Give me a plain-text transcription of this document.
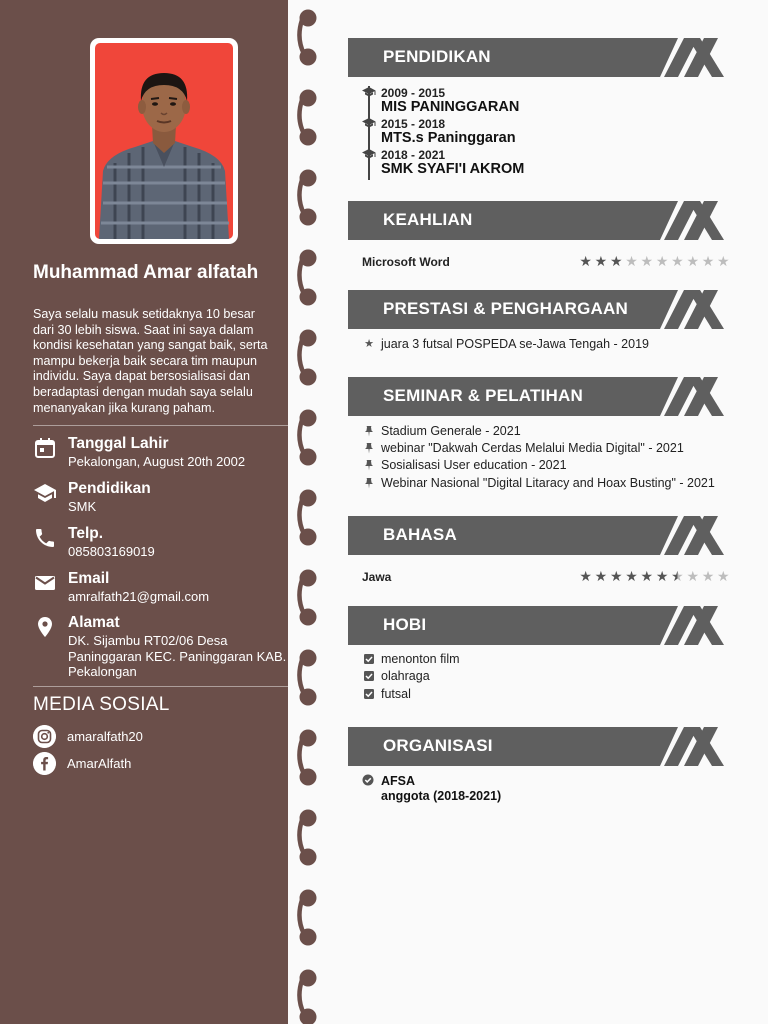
Muhammad Amar alfatah
Saya selalu masuk setidaknya 10 besar
dari 30 lebih siswa. Saat ini saya dalam
kondisi kesehatan yang sangat baik, serta
mampu bekerja baik secara tim maupun
individu. Saya dapat bersosialisasi dan
beradaptasi dengan mudah saya selalu
menanyakan jika kurang paham.
Tanggal Lahir
Pekalongan, August 20th 2002
Pendidikan
SMK
Telp.
085803169019
Email
amralfath21@gmail.com
Alamat
DK. Sijambu RT02/06 Desa
Paninggaran KEC. Paninggaran KAB.
Pekalongan
MEDIA SOSIAL
amaralfath20
AmarAlfath
PENDIDIKAN
2009 - 2015
MIS PANINGGARAN
2015 - 2018
MTS.s Paninggaran
2018 - 2021
SMK SYAFI'I AKROM
KEAHLIAN
Microsoft Word	★ ★ ★ ★ ★ ★ ★ ★ ★ ★
PRESTASI & PENGHARGAAN
★ juara 3 futsal POSPEDA se-Jawa Tengah - 2019
SEMINAR & PELATIHAN
Stadium Generale - 2021
webinar "Dakwah Cerdas Melalui Media Digital" - 2021
Sosialisasi User education - 2021
Webinar Nasional "Digital Litaracy and Hoax Busting" - 2021
BAHASA
Jawa	★ ★ ★ ★ ★ ★ ★ ★ ★ ★
HOBI
menonton film
olahraga
futsal
ORGANISASI
AFSA
anggota (2018-2021)
